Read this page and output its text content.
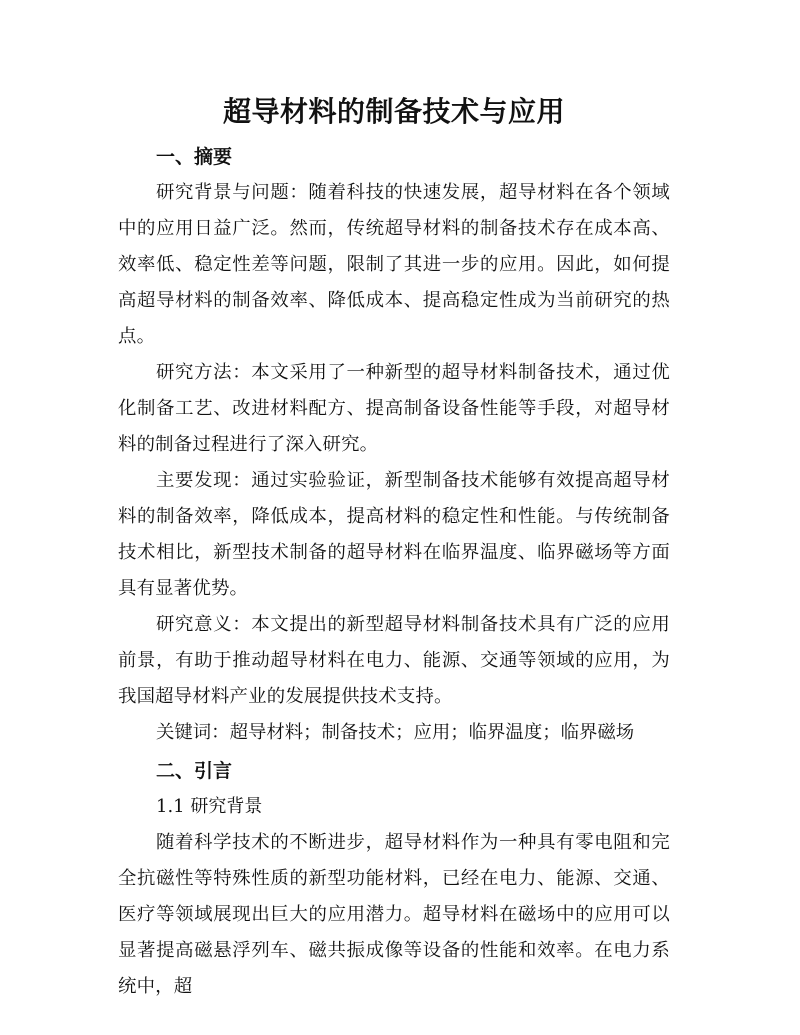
超导材料的制备技术与应用
一、摘要

研究背景与问题：随着科技的快速发展，超导材料在各个领域中的应用日益广泛。然而，传统超导材料的制备技术存在成本高、效率低、稳定性差等问题，限制了其进一步的应用。因此，如何提高超导材料的制备效率、降低成本、提高稳定性成为当前研究的热点。

研究方法：本文采用了一种新型的超导材料制备技术，通过优化制备工艺、改进材料配方、提高制备设备性能等手段，对超导材料的制备过程进行了深入研究。

主要发现：通过实验验证，新型制备技术能够有效提高超导材料的制备效率，降低成本，提高材料的稳定性和性能。与传统制备技术相比，新型技术制备的超导材料在临界温度、临界磁场等方面具有显著优势。

研究意义：本文提出的新型超导材料制备技术具有广泛的应用前景，有助于推动超导材料在电力、能源、交通等领域的应用，为我国超导材料产业的发展提供技术支持。

关键词：超导材料；制备技术；应用；临界温度；临界磁场
二、引言
1.1 研究背景

随着科学技术的不断进步，超导材料作为一种具有零电阻和完全抗磁性等特殊性质的新型功能材料，已经在电力、能源、交通、医疗等领域展现出巨大的应用潜力。超导材料在磁场中的应用可以显著提高磁悬浮列车、磁共振成像等设备的性能和效率。在电力系统中，超
